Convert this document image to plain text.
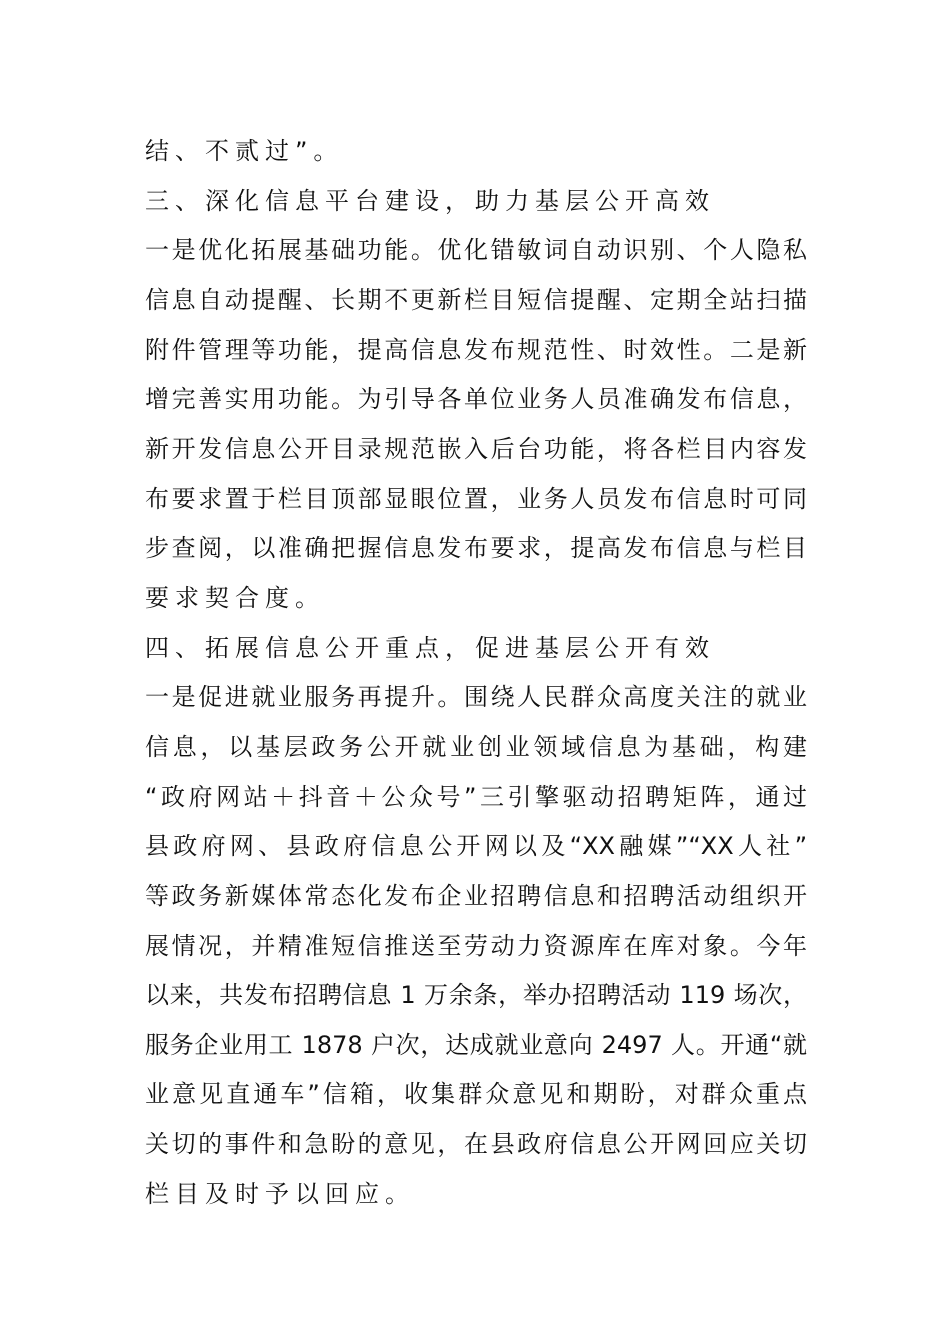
结、不贰过”。
三、深化信息平台建设，助力基层公开高效
一是优化拓展基础功能。优化错敏词自动识别、个人隐私
信息自动提醒、长期不更新栏目短信提醒、定期全站扫描
附件管理等功能，提高信息发布规范性、时效性。二是新
增完善实用功能。为引导各单位业务人员准确发布信息，
新开发信息公开目录规范嵌入后台功能，将各栏目内容发
布要求置于栏目顶部显眼位置，业务人员发布信息时可同
步查阅，以准确把握信息发布要求，提高发布信息与栏目
要求契合度。
四、拓展信息公开重点，促进基层公开有效
一是促进就业服务再提升。围绕人民群众高度关注的就业
信息，以基层政务公开就业创业领域信息为基础，构建
“政府网站＋抖音＋公众号”三引擎驱动招聘矩阵，通过
县政府网、县政府信息公开网以及“XX融媒”“XX人社”
等政务新媒体常态化发布企业招聘信息和招聘活动组织开
展情况，并精准短信推送至劳动力资源库在库对象。今年
以来，共发布招聘信息 1 万余条，举办招聘活动 119 场次，
服务企业用工 1878 户次，达成就业意向 2497 人。开通“就
业意见直通车”信箱，收集群众意见和期盼，对群众重点
关切的事件和急盼的意见，在县政府信息公开网回应关切
栏目及时予以回应。
